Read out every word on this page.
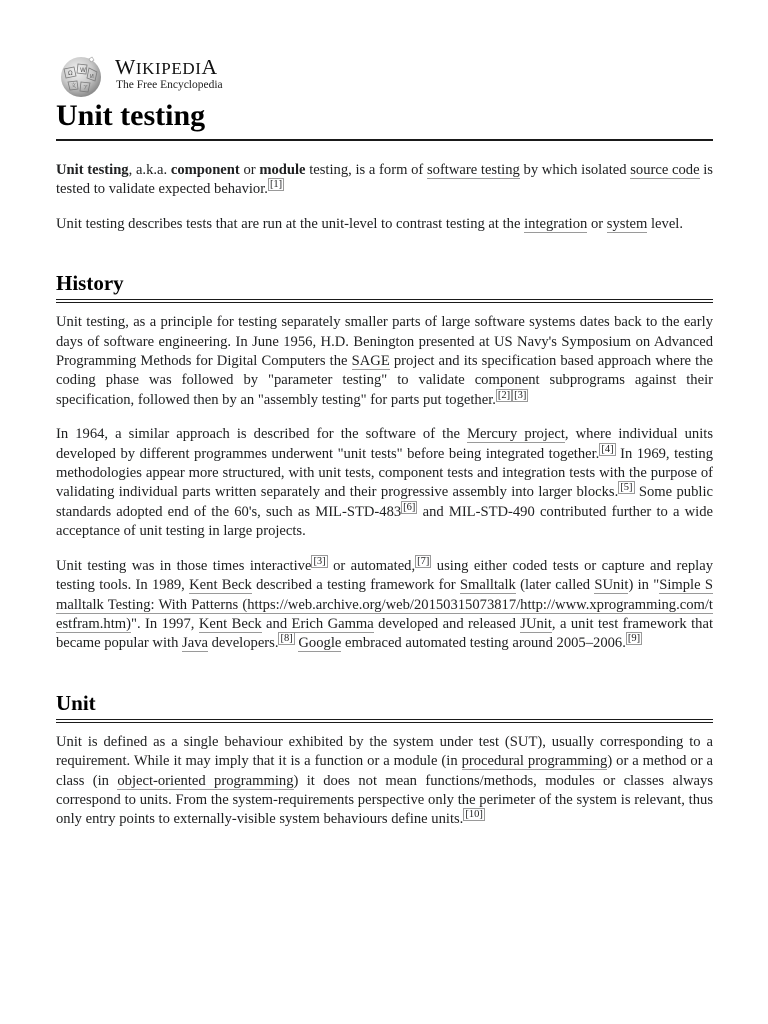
Ω W
И
文 ア
WIKIPEDIA
The Free Encyclopedia
Unit testing

Unit testing, a.k.a. component or module testing, is a form of software testing by which isolated source code is tested to validate expected behavior. [1]

Unit testing describes tests that are run at the unit-level to contrast testing at the integration or system level.

History

Unit testing, as a principle for testing separately smaller parts of large software systems dates back to the early days of software engineering. In June 1956, H.D. Benington presented at US Navy's Symposium on Advanced Programming Methods for Digital Computers the SAGE project and its specification based approach where the coding phase was followed by "parameter testing" to validate component subprograms against their specification, followed then by an "assembly testing" for parts put together. [2] [3]

In 1964, a similar approach is described for the software of the Mercury project, where individual units developed by different programmes underwent "unit tests" before being integrated together. [4] In 1969, testing methodologies appear more structured, with unit tests, component tests and integration tests with the purpose of validating individual parts written separately and their progressive assembly into larger blocks. [5] Some public standards adopted end of the 60's, such as MIL-STD-483 [6] and MIL-STD-490 contributed further to a wide acceptance of unit testing in large projects.

Unit testing was in those times interactive [3] or automated, [7] using either coded tests or capture and replay testing tools. In 1989, Kent Beck described a testing framework for Smalltalk (later called SUnit) in "Simple Smalltalk Testing: With Patterns (https://web.archive.org/web/20150315073817/http://www.xprogramming.com/testfram.htm)". In 1997, Kent Beck and Erich Gamma developed and released JUnit, a unit test framework that became popular with Java developers. [8] Google embraced automated testing around 2005–2006. [9]

Unit

Unit is defined as a single behaviour exhibited by the system under test (SUT), usually corresponding to a requirement. While it may imply that it is a function or a module (in procedural programming) or a method or a class (in object-oriented programming) it does not mean functions/methods, modules or classes always correspond to units. From the system-requirements perspective only the perimeter of the system is relevant, thus only entry points to externally-visible system behaviours define units. [10]
